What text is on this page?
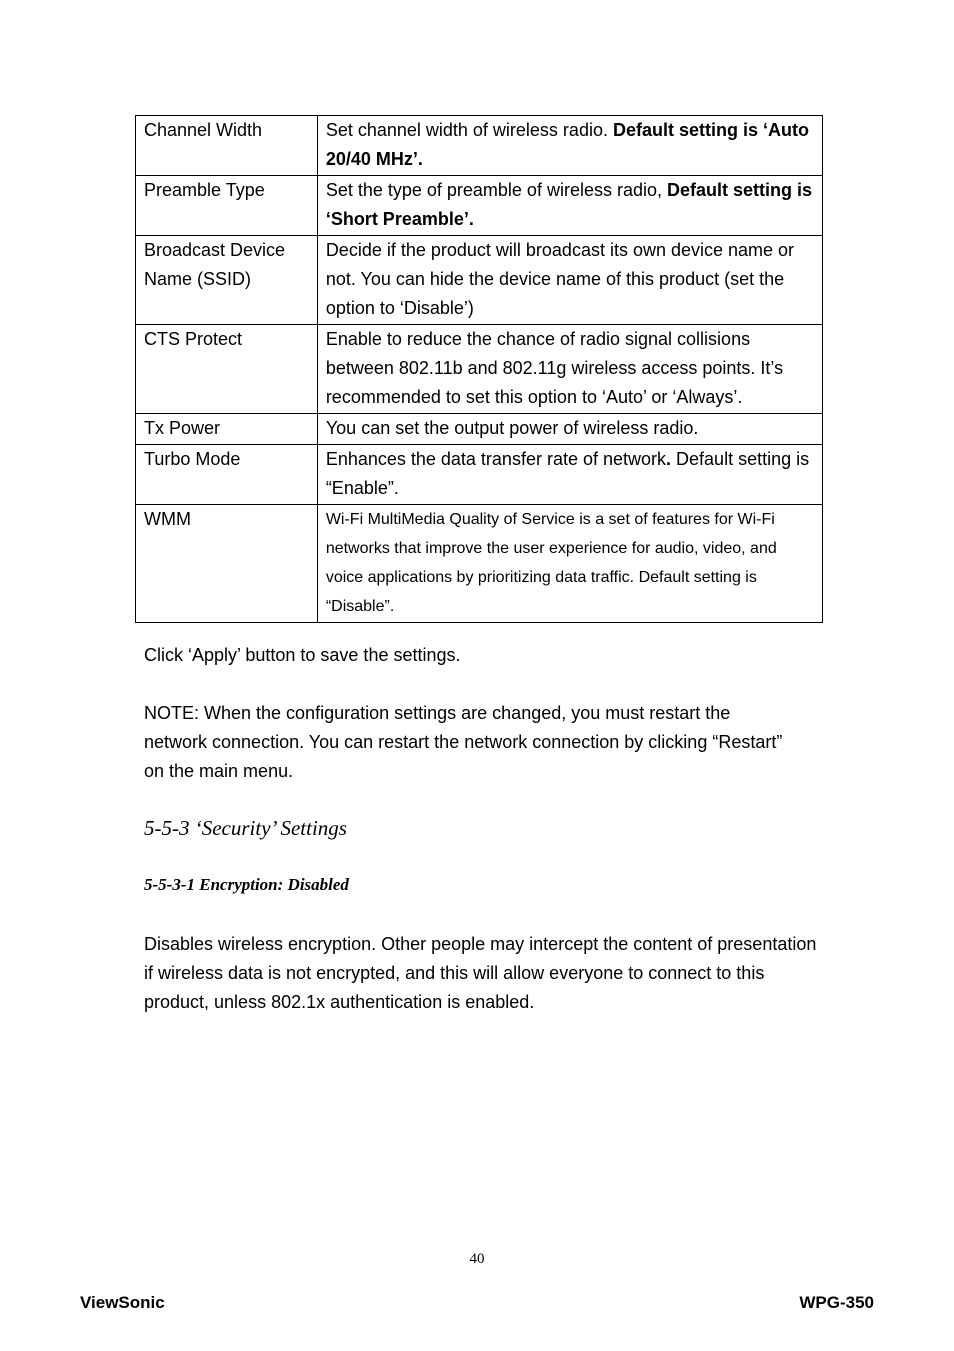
Channel Width	Set channel width of wireless radio. Default setting is ‘Auto 20/40 MHz’.
Preamble Type	Set the type of preamble of wireless radio, Default setting is ‘Short Preamble’.
Broadcast Device Name (SSID)	Decide if the product will broadcast its own device name or not. You can hide the device name of this product (set the option to ‘Disable’)
CTS Protect	Enable to reduce the chance of radio signal collisions between 802.11b and 802.11g wireless access points. It’s recommended to set this option to ‘Auto’ or ‘Always’.
Tx Power	You can set the output power of wireless radio.
Turbo Mode	Enhances the data transfer rate of network. Default setting is “Enable”.
WMM	Wi-Fi MultiMedia Quality of Service is a set of features for Wi-Fi networks that improve the user experience for audio, video, and voice applications by prioritizing data traffic. Default setting is “Disable”.

Click ‘Apply’ button to save the settings.

NOTE: When the configuration settings are changed, you must restart the network connection. You can restart the network connection by clicking “Restart” on the main menu.

5-5-3 ‘Security’ Settings
5-5-3-1 Encryption: Disabled

Disables wireless encryption. Other people may intercept the content of presentation if wireless data is not encrypted, and this will allow everyone to connect to this product, unless 802.1x authentication is enabled.

40
ViewSonic	WPG-350
